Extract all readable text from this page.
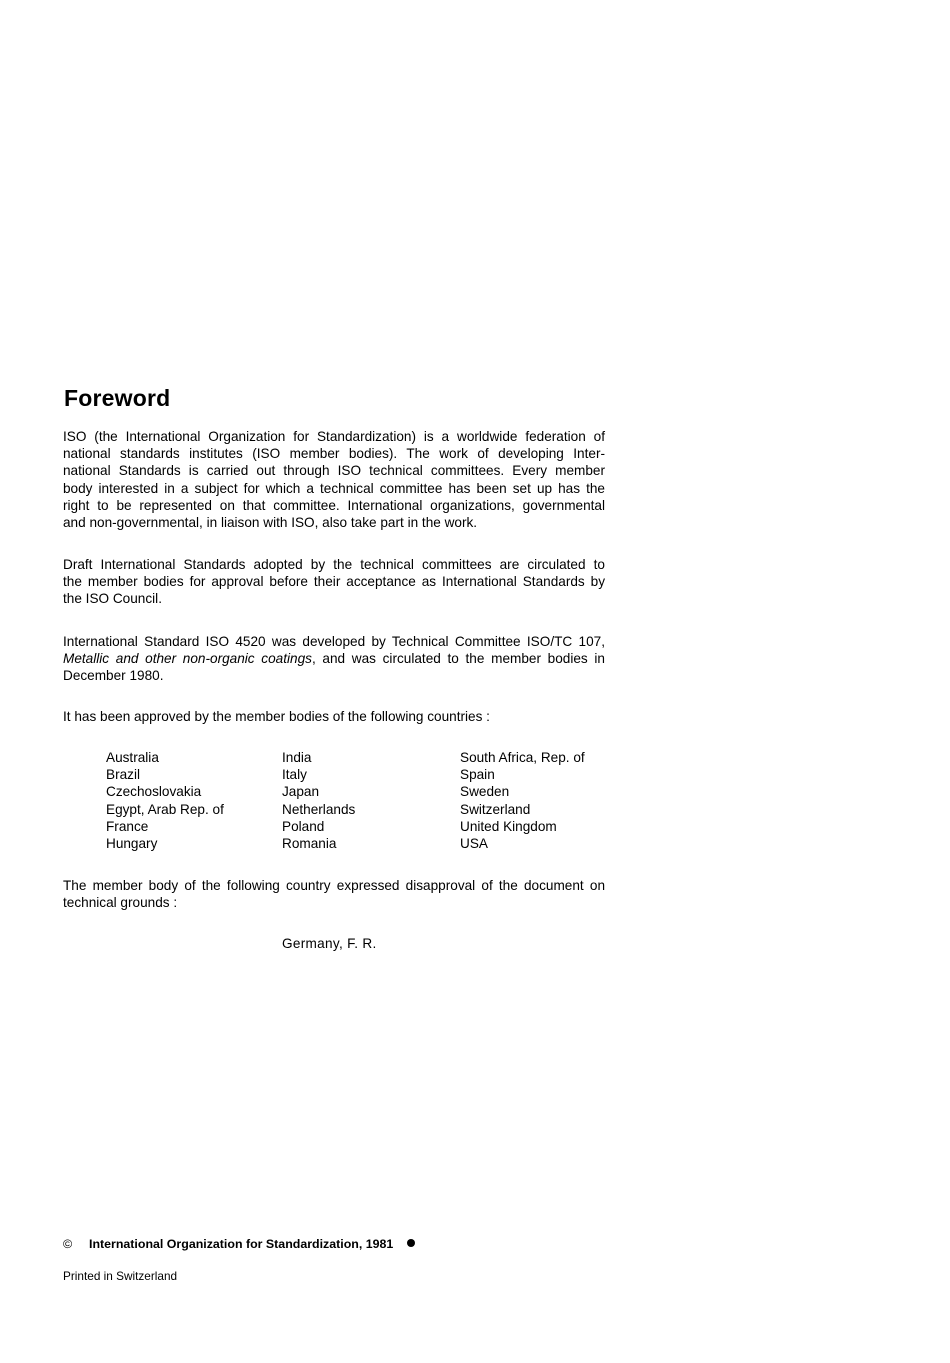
Foreword

ISO (the International Organization for Standardization) is a worldwide federation of
national standards institutes (ISO member bodies). The work of developing Inter-
national Standards is carried out through ISO technical committees. Every member
body interested in a subject for which a technical committee has been set up has the
right to be represented on that committee. International organizations, governmental
and non-governmental, in liaison with ISO, also take part in the work.

Draft International Standards adopted by the technical committees are circulated to
the member bodies for approval before their acceptance as International Standards by
the ISO Council.

International Standard ISO 4520 was developed by Technical Committee ISO/TC 107,
Metallic and other non-organic coatings, and was circulated to the member bodies in
December 1980.

It has been approved by the member bodies of the following countries :

Australia
Brazil
Czechoslovakia
Egypt, Arab Rep. of
France
Hungary
India
Italy
Japan
Netherlands
Poland
Romania
South Africa, Rep. of
Spain
Sweden
Switzerland
United Kingdom
USA

The member body of the following country expressed disapproval of the document on
technical grounds :

Germany, F. R.
© International Organization for Standardization, 1981
Printed in Switzerland
